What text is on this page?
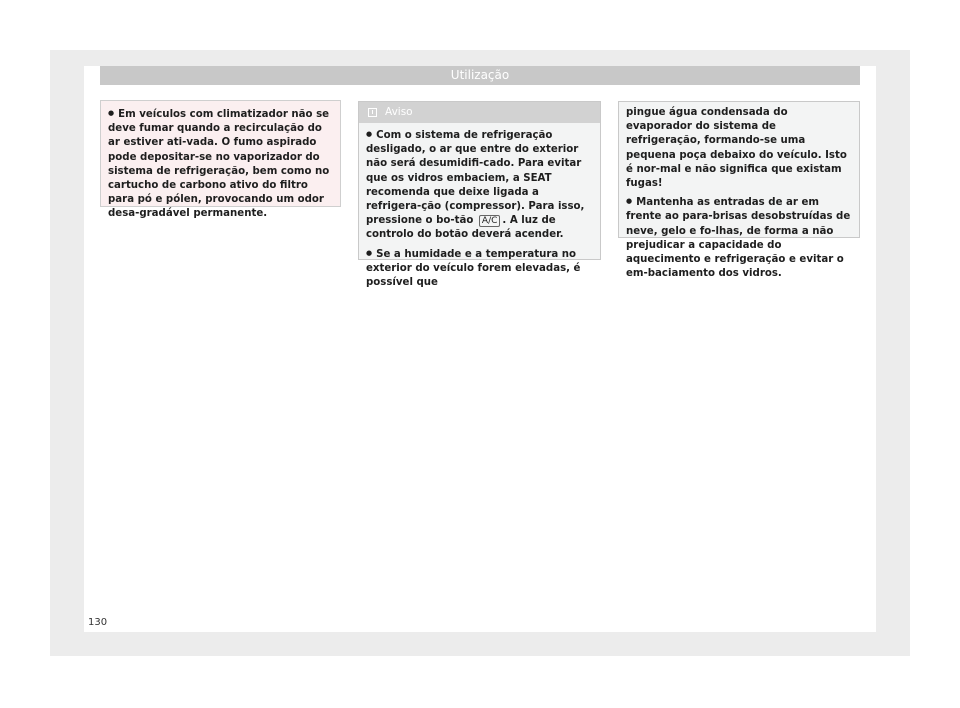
Utilização

● Em veículos com climatizador não se deve fumar quando a recirculação do ar estiver ati-vada. O fumo aspirado pode depositar-se no vaporizador do sistema de refrigeração, bem como no cartucho de carbono ativo do filtro para pó e pólen, provocando um odor desa-gradável permanente.

Aviso

● Com o sistema de refrigeração desligado, o ar que entre do exterior não será desumidifi-cado. Para evitar que os vidros embaciem, a SEAT recomenda que deixe ligada a refrigera-ção (compressor). Para isso, pressione o bo-tão A/C . A luz de controlo do botão deverá acender.

● Se a humidade e a temperatura no exterior do veículo forem elevadas, é possível que

pingue água condensada do evaporador do sistema de refrigeração, formando-se uma pequena poça debaixo do veículo. Isto é nor-mal e não significa que existam fugas!

● Mantenha as entradas de ar em frente ao para-brisas desobstruídas de neve, gelo e fo-lhas, de forma a não prejudicar a capacidade do aquecimento e refrigeração e evitar o em-baciamento dos vidros.

130
